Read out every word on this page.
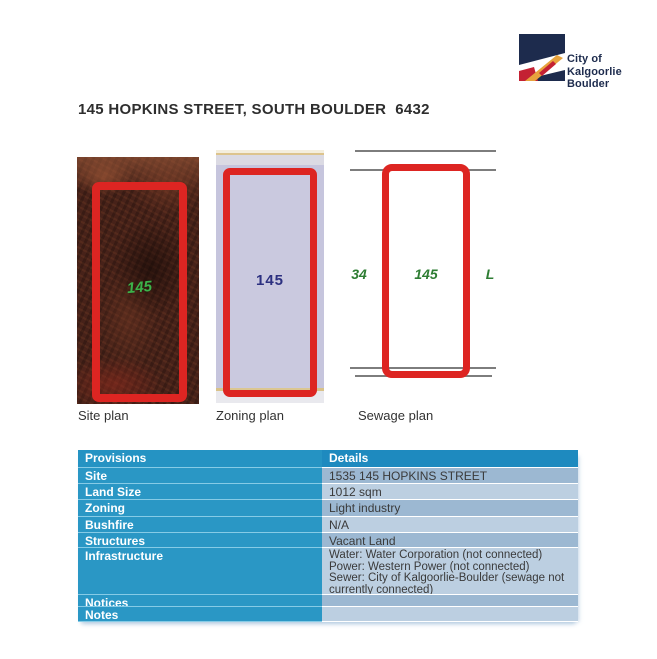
City of
Kalgoorlie
Boulder
145 HOPKINS STREET, SOUTH BOULDER  6432
145	145	34	145	L
Site plan	Zoning plan	Sewage plan
Provisions	Details
Site	1535 145 HOPKINS STREET
Land Size	1012 sqm
Zoning	Light industry
Bushfire	N/A
Structures	Vacant Land
Infrastructure	Water: Water Corporation (not connected)
Power: Western Power (not connected)
Sewer: City of Kalgoorlie-Boulder (sewage not currently connected)
Notices
Notes
